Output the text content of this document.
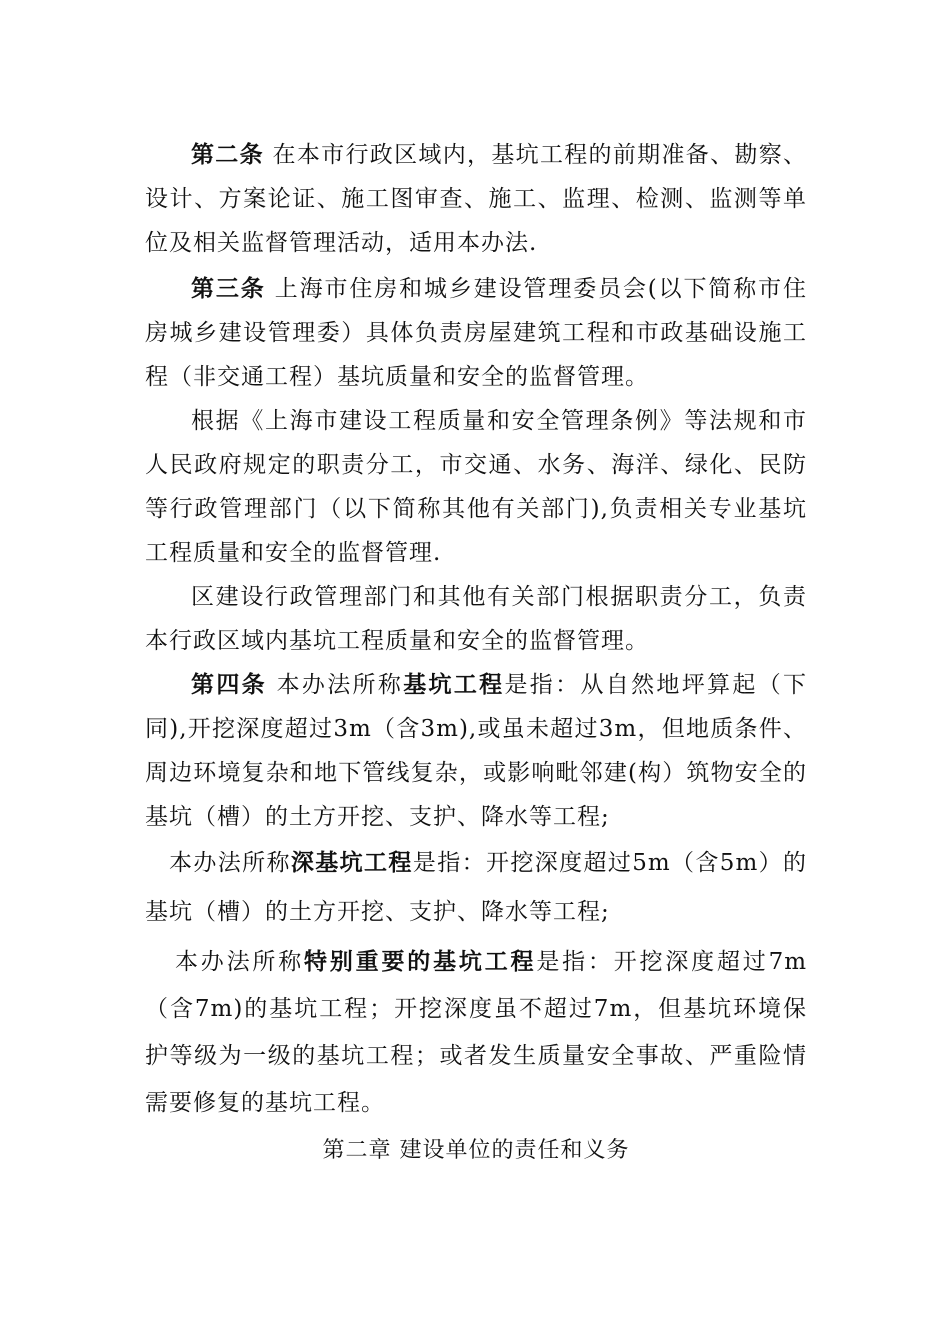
第二条 在本市行政区域内，基坑工程的前期准备、勘察、设计、方案论证、施工图审查、施工、监理、检测、监测等单位及相关监督管理活动，适用本办法.

第三条 上海市住房和城乡建设管理委员会(以下简称市住房城乡建设管理委）具体负责房屋建筑工程和市政基础设施工程（非交通工程）基坑质量和安全的监督管理。

根据《上海市建设工程质量和安全管理条例》等法规和市人民政府规定的职责分工，市交通、水务、海洋、绿化、民防等行政管理部门（以下简称其他有关部门),负责相关专业基坑工程质量和安全的监督管理.

区建设行政管理部门和其他有关部门根据职责分工，负责本行政区域内基坑工程质量和安全的监督管理。

第四条 本办法所称基坑工程是指：从自然地坪算起（下同),开挖深度超过3m（含3m),或虽未超过3m，但地质条件、周边环境复杂和地下管线复杂，或影响毗邻建(构）筑物安全的基坑（槽）的土方开挖、支护、降水等工程;

本办法所称深基坑工程是指：开挖深度超过5m（含5m）的基坑（槽）的土方开挖、支护、降水等工程;

本办法所称特别重要的基坑工程是指：开挖深度超过7m（含7m)的基坑工程；开挖深度虽不超过7m，但基坑环境保护等级为一级的基坑工程；或者发生质量安全事故、严重险情需要修复的基坑工程。

第二章 建设单位的责任和义务
